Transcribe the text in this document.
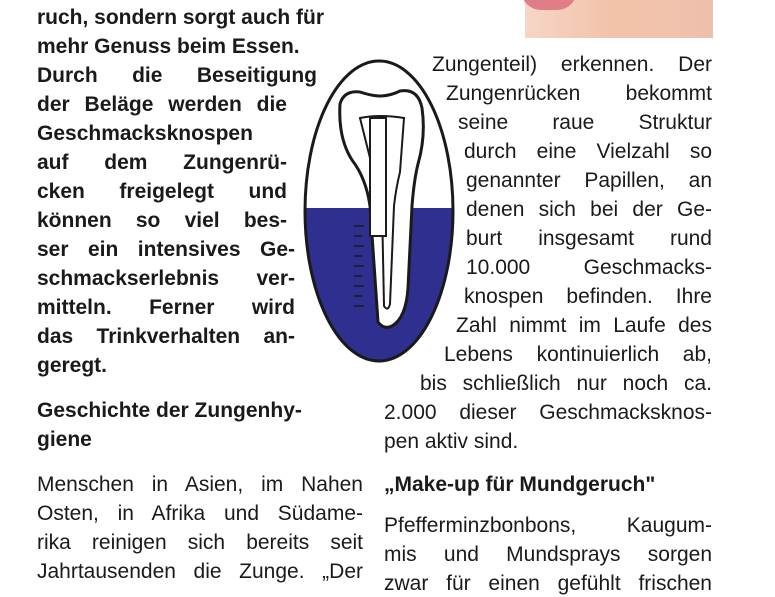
ruch, sondern sorgt auch für
mehr Genuss beim Essen.
Durch die Beseitigung
der Beläge werden die
Geschmacksknospen
auf dem Zungenrü-
cken freigelegt und
können so viel bes-
ser ein intensives Ge-
schmackserlebnis ver-
mitteln. Ferner wird
das Trinkverhalten an-
geregt.
Geschichte der Zungenhy-
giene
Menschen in Asien, im Nahen
Osten, in Afrika und Südame-
rika reinigen sich bereits seit
Jahrtausenden die Zunge. „Der
Zungenteil) erkennen. Der
Zungenrücken bekommt
seine raue Struktur
durch eine Vielzahl so
genannter Papillen, an
denen sich bei der Ge-
burt insgesamt rund
10.000 Geschmacks-
knospen befinden. Ihre
Zahl nimmt im Laufe des
Lebens kontinuierlich ab,
bis schließlich nur noch ca.
2.000 dieser Geschmacksknos-
pen aktiv sind.
„Make-up für Mundgeruch"
Pfefferminzbonbons, Kaugum-
mis und Mundsprays sorgen
zwar für einen gefühlt frischen
